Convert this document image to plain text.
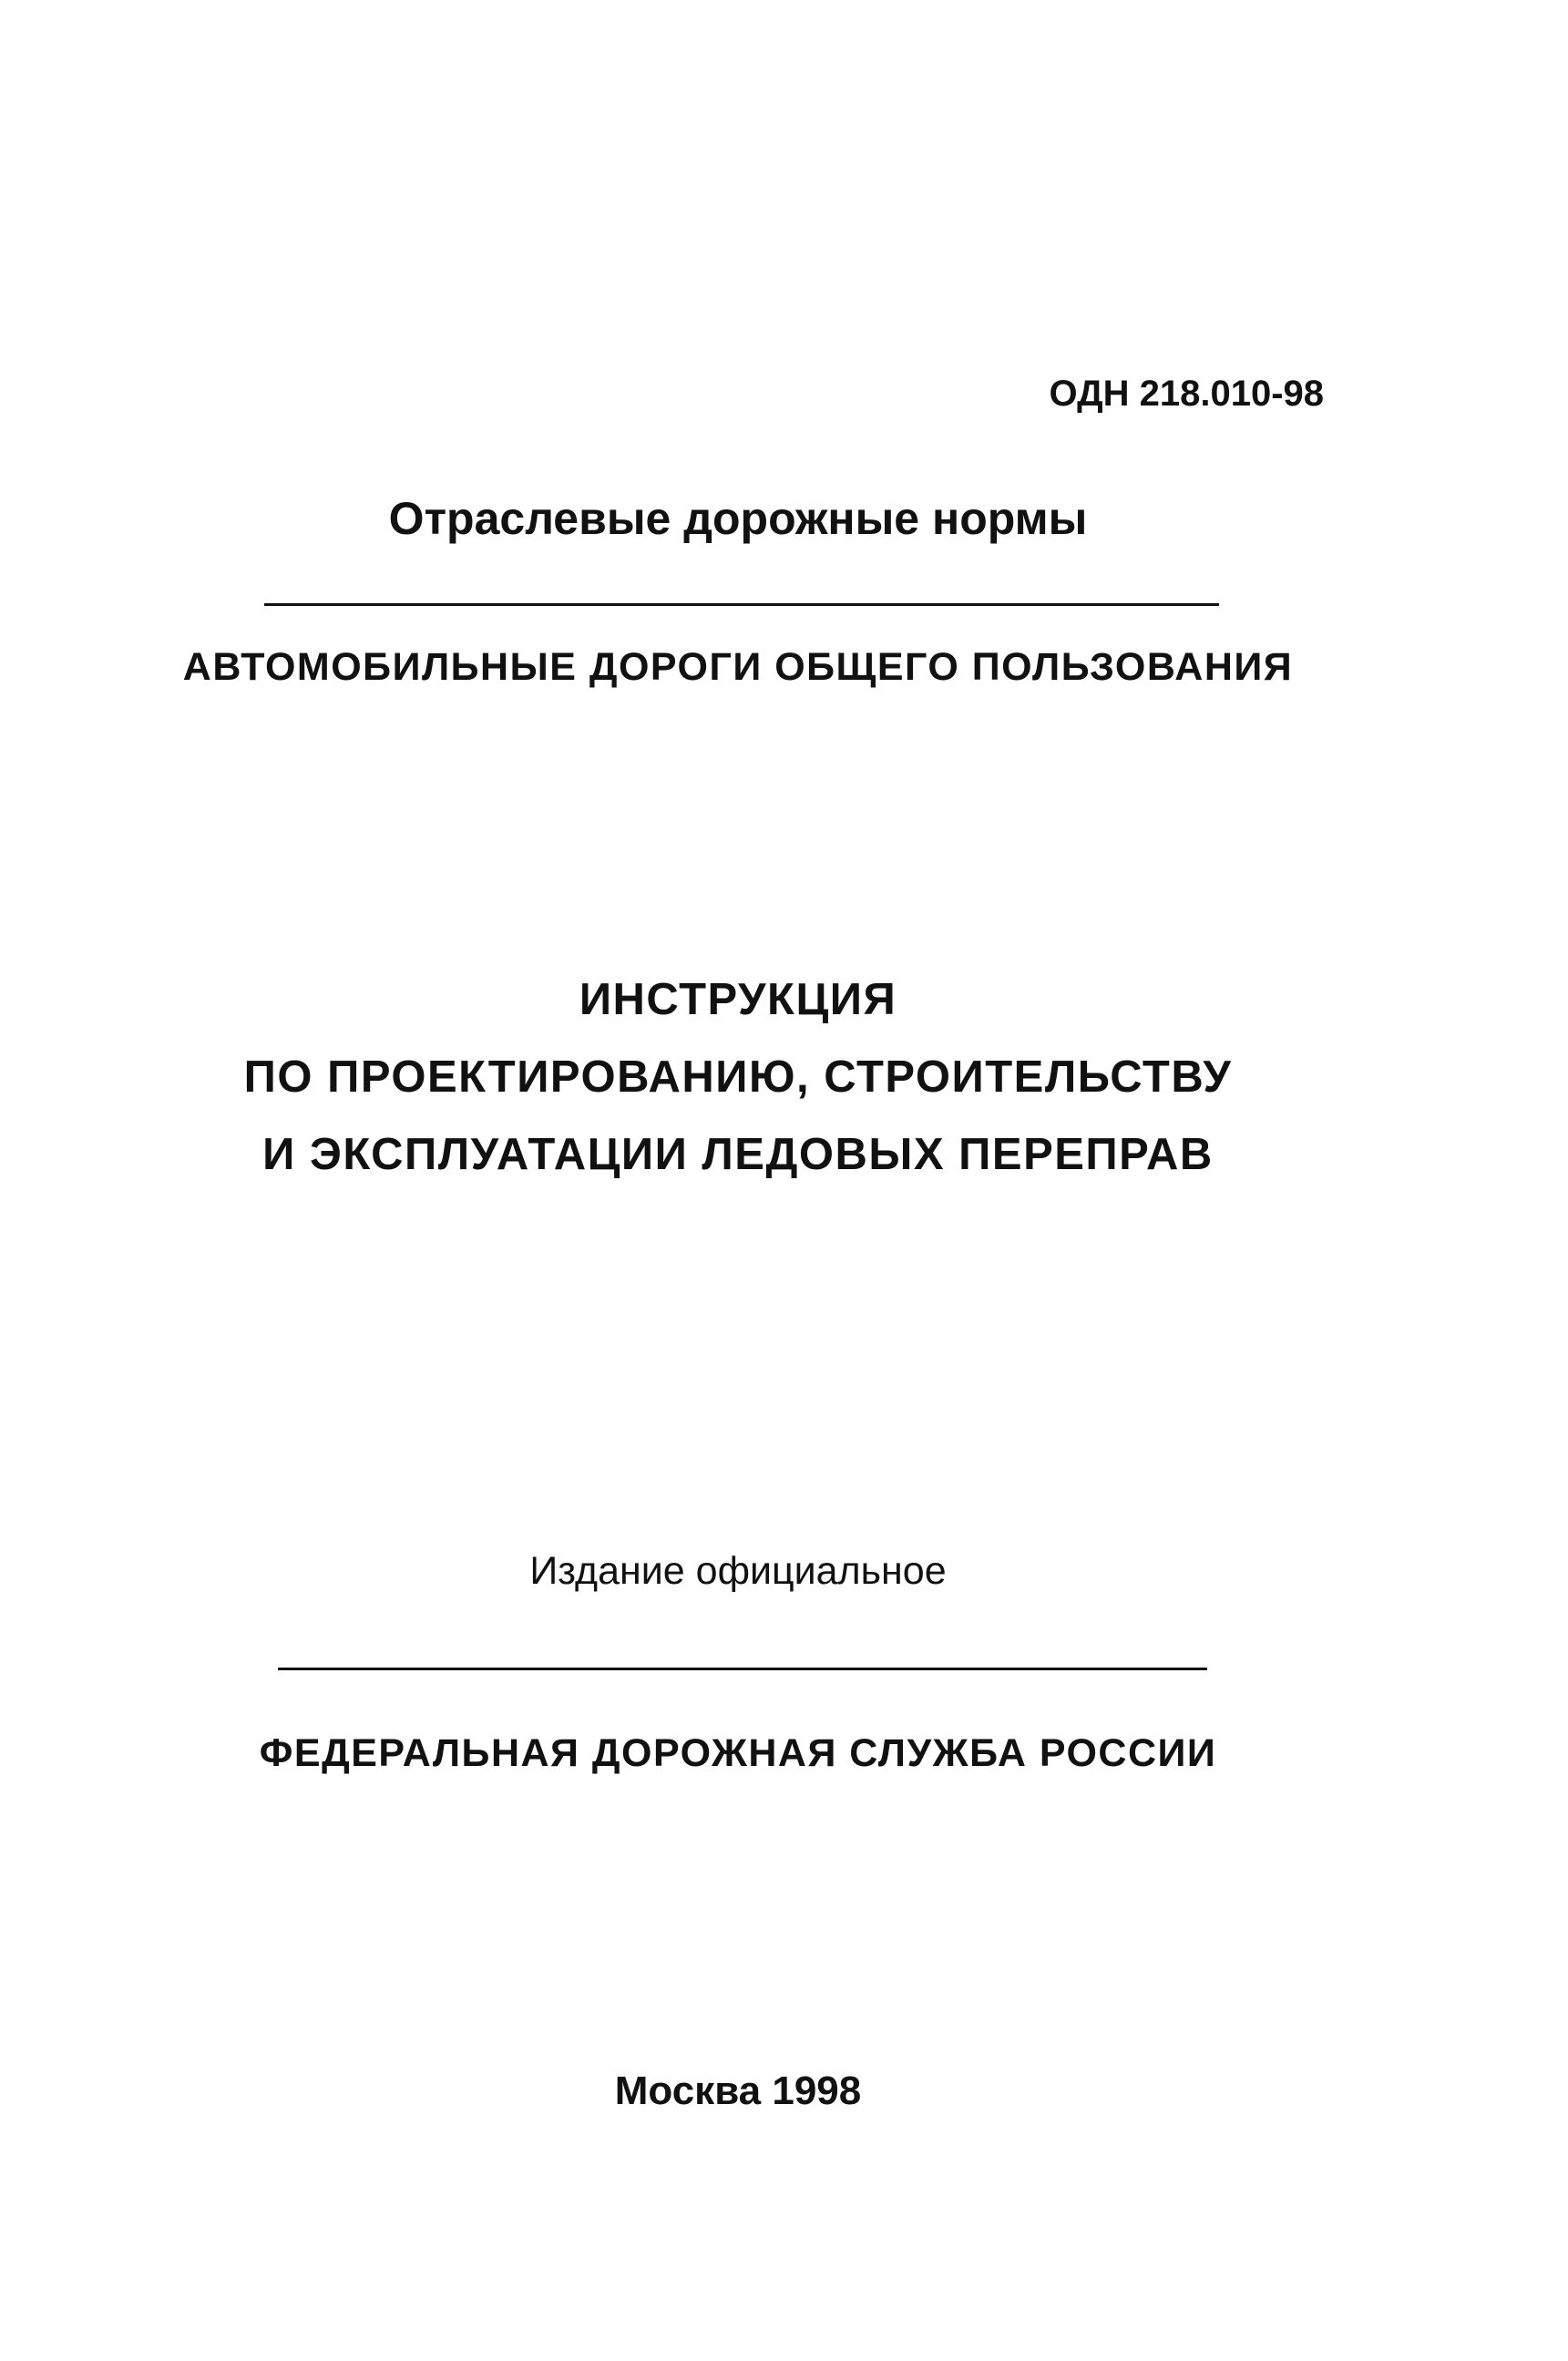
ОДН 218.010-98
Отраслевые дорожные нормы
АВТОМОБИЛЬНЫЕ ДОРОГИ ОБЩЕГО ПОЛЬЗОВАНИЯ
ИНСТРУКЦИЯ
ПО ПРОЕКТИРОВАНИЮ, СТРОИТЕЛЬСТВУ
И ЭКСПЛУАТАЦИИ ЛЕДОВЫХ ПЕРЕПРАВ
Издание официальное
ФЕДЕРАЛЬНАЯ ДОРОЖНАЯ СЛУЖБА РОССИИ
Москва 1998
